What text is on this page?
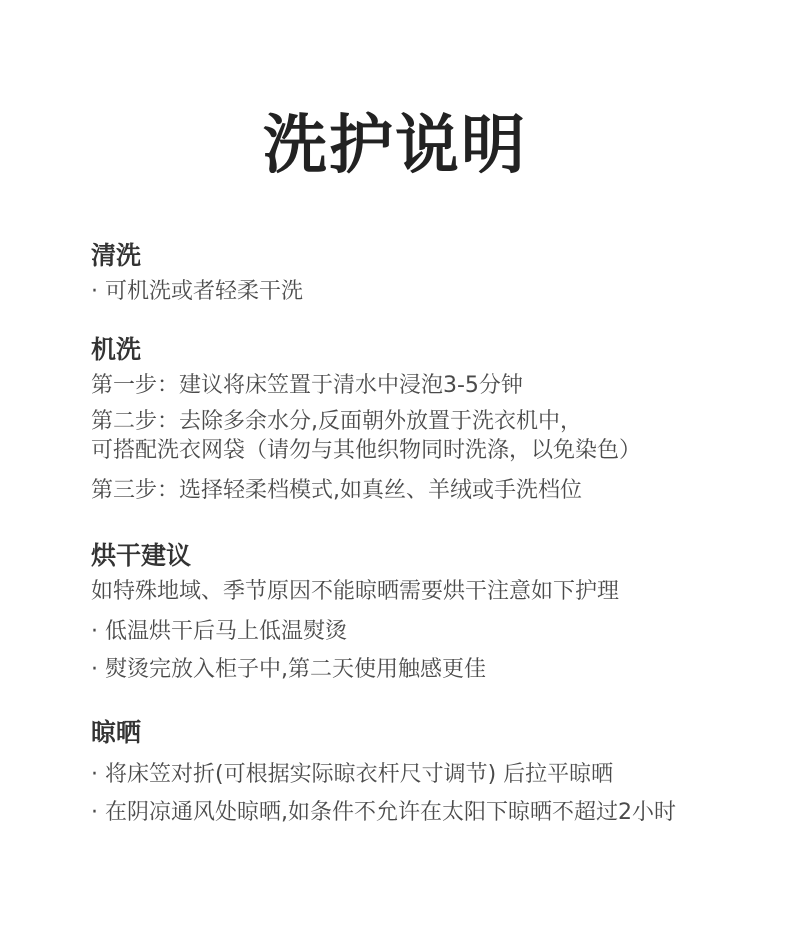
洗护说明
清洗
· 可机洗或者轻柔干洗
机洗
第一步：建议将床笠置于清水中浸泡3-5分钟
第二步：去除多余水分,反面朝外放置于洗衣机中，
可搭配洗衣网袋（请勿与其他织物同时洗涤，以免染色）
第三步：选择轻柔档模式,如真丝、羊绒或手洗档位
烘干建议
如特殊地域、季节原因不能晾晒需要烘干注意如下护理
· 低温烘干后马上低温熨烫
· 熨烫完放入柜子中,第二天使用触感更佳
晾晒
· 将床笠对折(可根据实际晾衣杆尺寸调节) 后拉平晾晒
· 在阴凉通风处晾晒,如条件不允许在太阳下晾晒不超过2小时
